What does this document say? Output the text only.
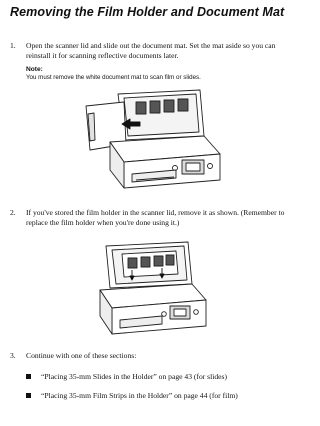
Removing the Film Holder and Document Mat
1. Open the scanner lid and slide out the document mat. Set the mat aside so you can reinstall it for scanning reflective documents later.
Note:
You must remove the white document mat to scan film or slides.
2. If you've stored the film holder in the scanner lid, remove it as shown. (Remember to replace the film holder when you're done using it.)
3. Continue with one of these sections:
“Placing 35-mm Slides in the Holder” on page 43 (for slides)
“Placing 35-mm Film Strips in the Holder” on page 44 (for film)
